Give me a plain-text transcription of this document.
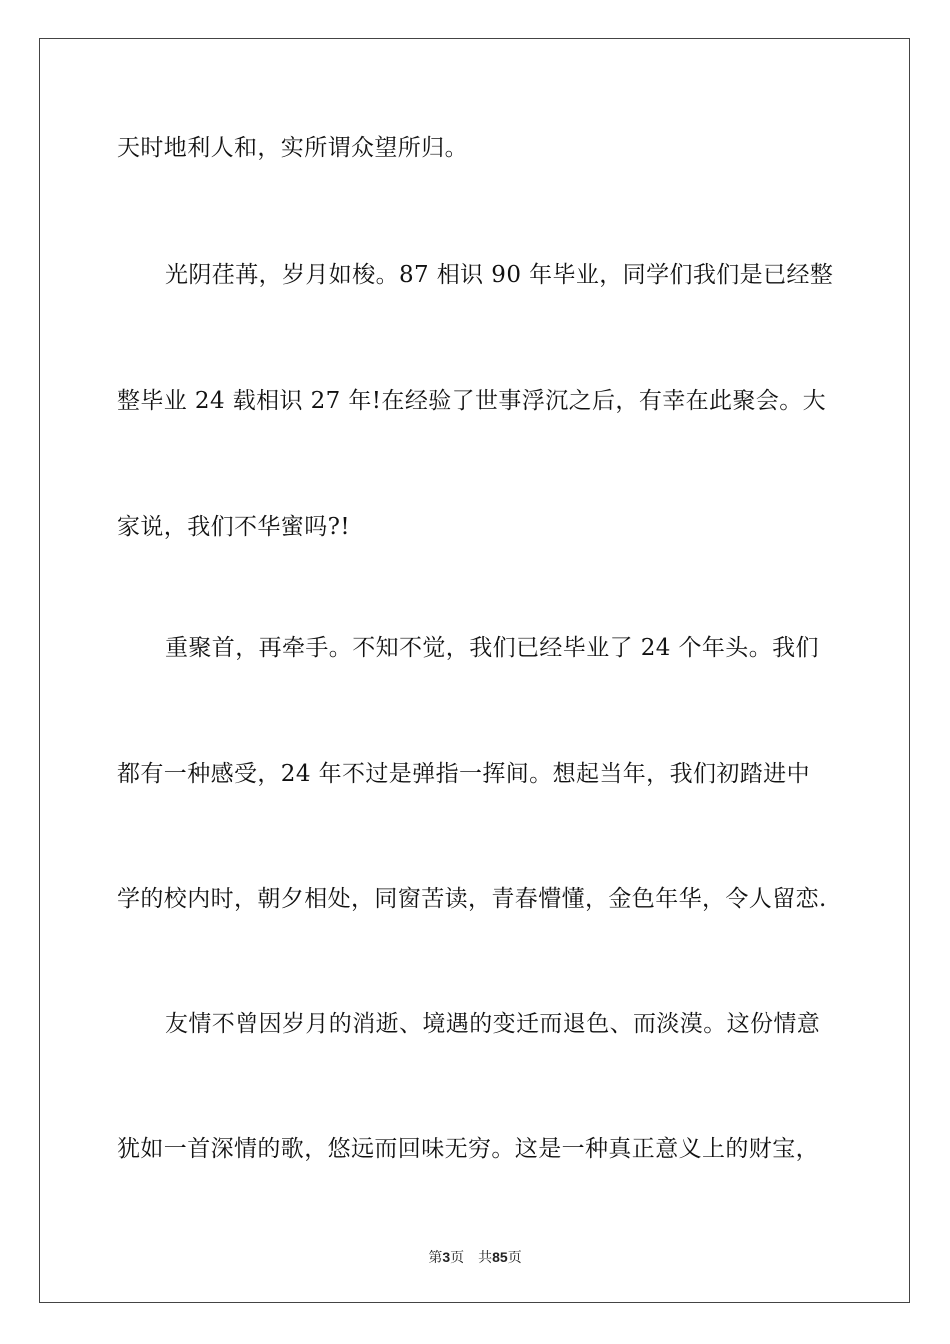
天时地利人和，实所谓众望所归。

光阴荏苒，岁月如梭。87 相识 90 年毕业，同学们我们是已经整

整毕业 24 载相识 27 年!在经验了世事浮沉之后，有幸在此聚会。大

家说，我们不华蜜吗?!

重聚首，再牵手。不知不觉，我们已经毕业了 24 个年头。我们

都有一种感受，24 年不过是弹指一挥间。想起当年，我们初踏进中

学的校内时，朝夕相处，同窗苦读，青春懵懂，金色年华，令人留恋.

友情不曾因岁月的消逝、境遇的变迁而退色、而淡漠。这份情意

犹如一首深情的歌，悠远而回味无穷。这是一种真正意义上的财宝，

第3页 共85页
